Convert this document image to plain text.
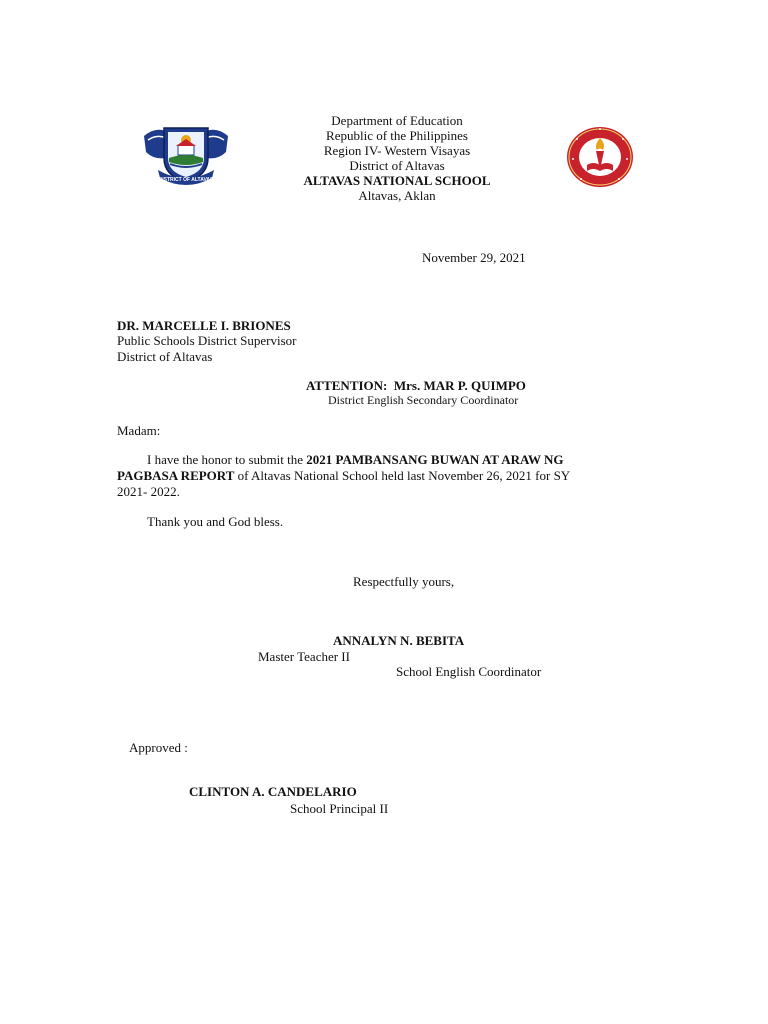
DISTRICT OF ALTAVAS
Department of Education
Republic of the Philippines
Region IV- Western Visayas
District of Altavas
ALTAVAS NATIONAL SCHOOL
Altavas, Aklan
November 29, 2021
DR. MARCELLE I. BRIONES
Public Schools District Supervisor
District of Altavas
ATTENTION: Mrs. MAR P. QUIMPO
District English Secondary Coordinator
Madam:
I have the honor to submit the 2021 PAMBANSANG BUWAN AT ARAW NG
PAGBASA REPORT of Altavas National School held last November 26, 2021 for SY
2021- 2022.
Thank you and God bless.
Respectfully yours,
ANNALYN N. BEBITA
Master Teacher II
School English Coordinator
Approved :
CLINTON A. CANDELARIO
School Principal II
